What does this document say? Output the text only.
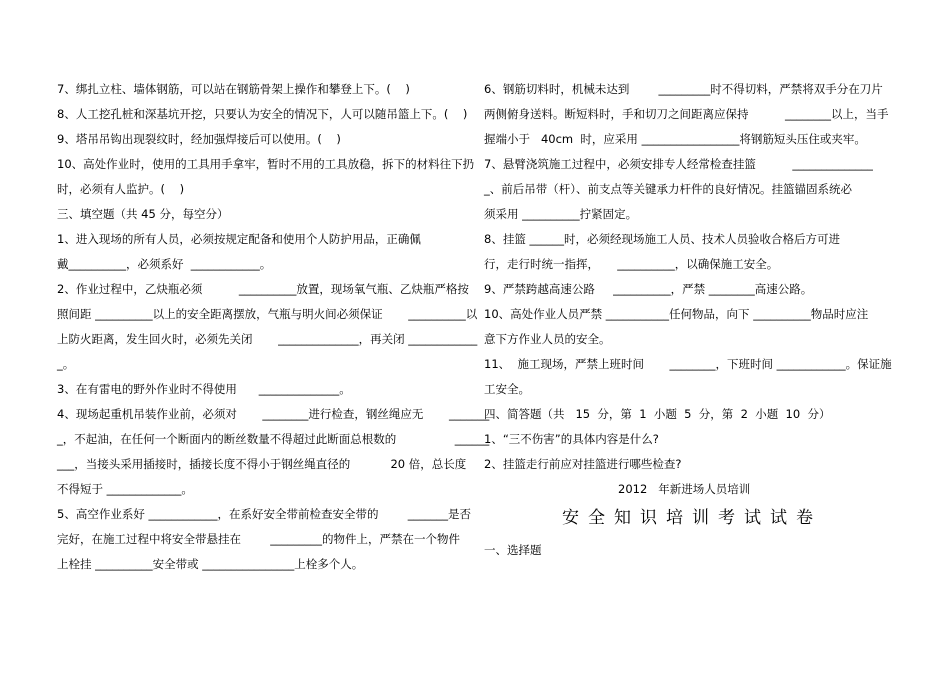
7、绑扎立柱、墙体钢筋，可以站在钢筋骨架上操作和攀登上下。(    )
8、人工挖孔桩和深基坑开挖，只要认为安全的情况下，人可以随吊篮上下。(    )
9、塔吊吊钩出现裂纹时，经加强焊接后可以使用。(    )
10、高处作业时，使用的工具用手拿牢，暂时不用的工具放稳，拆下的材料往下扔
时，必须有人监护。(    )
三、填空题（共 45 分，每空分）
1、进入现场的所有人员，必须按规定配备和使用个人防护用品，正确佩
戴__________，必须系好  ____________。
2、作业过程中，乙炔瓶必须          __________放置，现场氧气瓶、乙炔瓶严格按
照间距 __________以上的安全距离摆放，气瓶与明火间必须保证       __________以
上防火距离，发生回火时，必须先关闭       ______________，再关闭 ____________
_。
3、在有雷电的野外作业时不得使用      ______________。
4、现场起重机吊装作业前，必须对       ________进行检查，钢丝绳应无       _______
_，不起油，在任何一个断面内的断丝数量不得超过此断面总根数的                ______
___，当接头采用插接时，插接长度不得小于钢丝绳直径的           20 倍，总长度
不得短于 _____________。
5、高空作业系好 ____________，在系好安全带前检查安全带的        _______是否
完好，在施工过程中将安全带悬挂在        _________的物件上，严禁在一个物件
上栓挂 __________安全带或 ________________上栓多个人。
6、钢筋切料时，机械未达到        _________时不得切料，严禁将双手分在刀片
两侧俯身送料。断短料时，手和切刀之间距离应保持          ________以上，当手
握端小于   40cm  时，应采用 _________________将钢筋短头压住或夹牢。
7、悬臂浇筑施工过程中，必须安排专人经常检查挂篮          ______________
_、前后吊带（杆）、前支点等关键承力杆件的良好情况。挂篮锚固系统必
须采用 __________拧紧固定。
8、挂篮 ______时，必须经现场施工人员、技术人员验收合格后方可进
行，走行时统一指挥，     __________，以确保施工安全。
9、严禁跨越高速公路     __________，严禁 ________高速公路。
10、高处作业人员严禁 ___________任何物品，向下 __________物品时应注
意下方作业人员的安全。
11、  施工现场，严禁上班时间       ________，下班时间 ____________。保证施
工安全。
四、简答题（共   15  分，第  1  小题  5  分，第  2  小题  10  分）
1、“三不伤害”的具体内容是什么?
2、挂篮走行前应对挂篮进行哪些检查?
2012   年新进场人员培训
安全知识培训考试试卷
一、选择题
